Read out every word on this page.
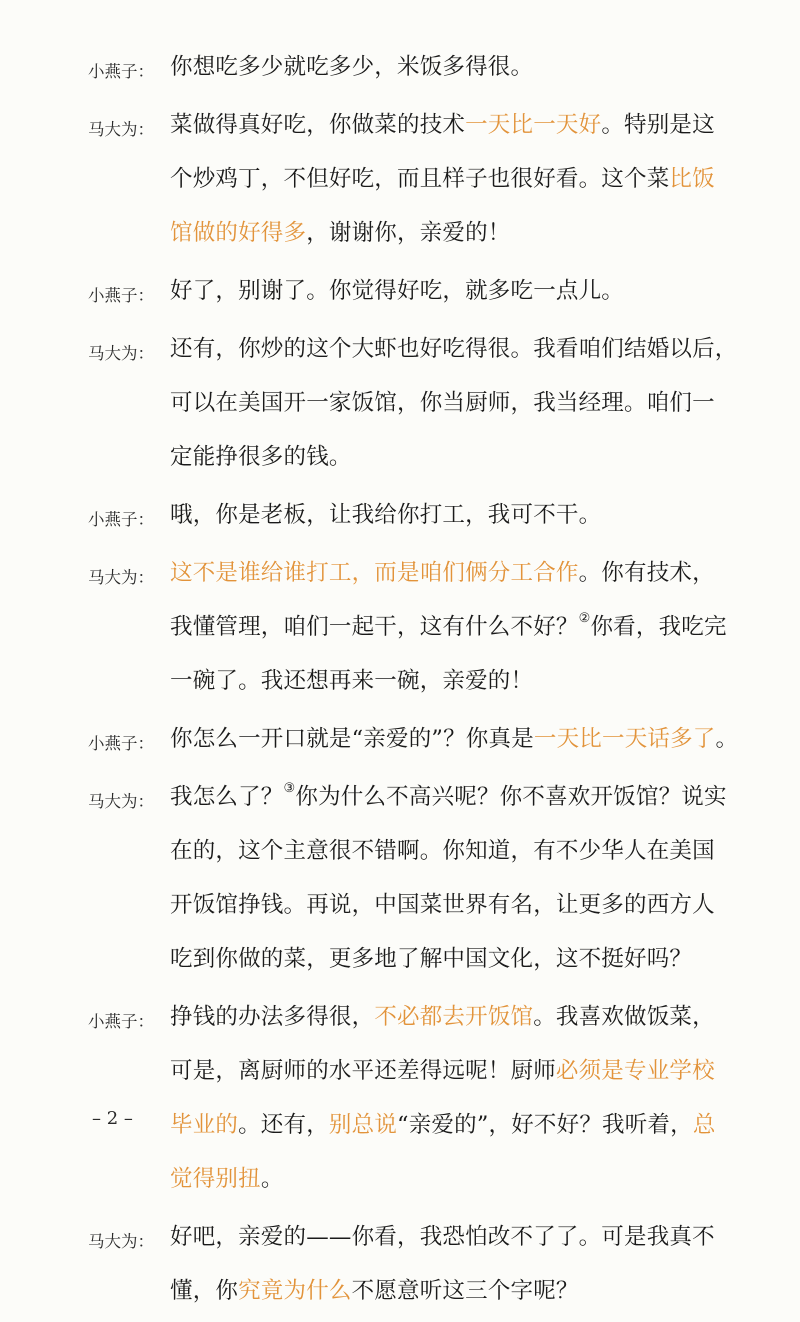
小燕子： 你想吃多少就吃多少，米饭多得很。
马大为： 菜做得真好吃，你做菜的技术一天比一天好。特别是这
个炒鸡丁，不但好吃，而且样子也很好看。这个菜比饭
馆做的好得多，谢谢你，亲爱的！
小燕子： 好了，别谢了。你觉得好吃，就多吃一点儿。
马大为： 还有，你炒的这个大虾也好吃得很。我看咱们结婚以后，
可以在美国开一家饭馆，你当厨师，我当经理。咱们一
定能挣很多的钱。
小燕子： 哦，你是老板，让我给你打工，我可不干。
马大为： 这不是谁给谁打工，而是咱们俩分工合作。你有技术，
我懂管理，咱们一起干，这有什么不好？②你看，我吃完
一碗了。我还想再来一碗，亲爱的！
小燕子： 你怎么一开口就是“亲爱的”？你真是一天比一天话多了。
马大为： 我怎么了？③你为什么不高兴呢？你不喜欢开饭馆？说实
在的，这个主意很不错啊。你知道，有不少华人在美国
开饭馆挣钱。再说，中国菜世界有名，让更多的西方人
吃到你做的菜，更多地了解中国文化，这不挺好吗？
小燕子： 挣钱的办法多得很，不必都去开饭馆。我喜欢做饭菜，
可是，离厨师的水平还差得远呢！厨师必须是专业学校
毕业的。还有，别总说“亲爱的”，好不好？我听着，总
觉得别扭。
马大为： 好吧，亲爱的——你看，我恐怕改不了了。可是我真不
懂，你究竟为什么不愿意听这三个字呢？
– 2 –
